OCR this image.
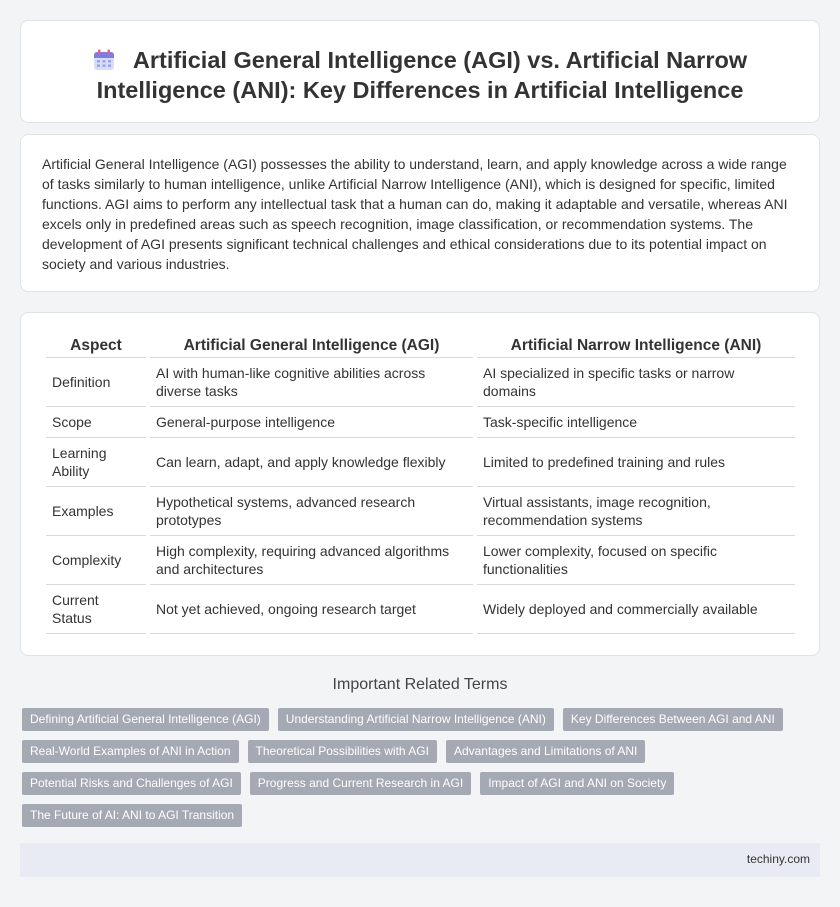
Artificial General Intelligence (AGI) vs. Artificial Narrow Intelligence (ANI): Key Differences in Artificial Intelligence

Artificial General Intelligence (AGI) possesses the ability to understand, learn, and apply knowledge across a wide range of tasks similarly to human intelligence, unlike Artificial Narrow Intelligence (ANI), which is designed for specific, limited functions. AGI aims to perform any intellectual task that a human can do, making it adaptable and versatile, whereas ANI excels only in predefined areas such as speech recognition, image classification, or recommendation systems. The development of AGI presents significant technical challenges and ethical considerations due to its potential impact on society and various industries.

Aspect	Artificial General Intelligence (AGI)	Artificial Narrow Intelligence (ANI)
Definition	AI with human-like cognitive abilities across diverse tasks	AI specialized in specific tasks or narrow domains
Scope	General-purpose intelligence	Task-specific intelligence
Learning Ability	Can learn, adapt, and apply knowledge flexibly	Limited to predefined training and rules
Examples	Hypothetical systems, advanced research prototypes	Virtual assistants, image recognition, recommendation systems
Complexity	High complexity, requiring advanced algorithms and architectures	Lower complexity, focused on specific functionalities
Current Status	Not yet achieved, ongoing research target	Widely deployed and commercially available
Important Related Terms
Defining Artificial General Intelligence (AGI)	Understanding Artificial Narrow Intelligence (ANI)	Key Differences Between AGI and ANI
Real-World Examples of ANI in Action	Theoretical Possibilities with AGI	Advantages and Limitations of ANI
Potential Risks and Challenges of AGI	Progress and Current Research in AGI	Impact of AGI and ANI on Society
The Future of AI: ANI to AGI Transition
techiny.com
